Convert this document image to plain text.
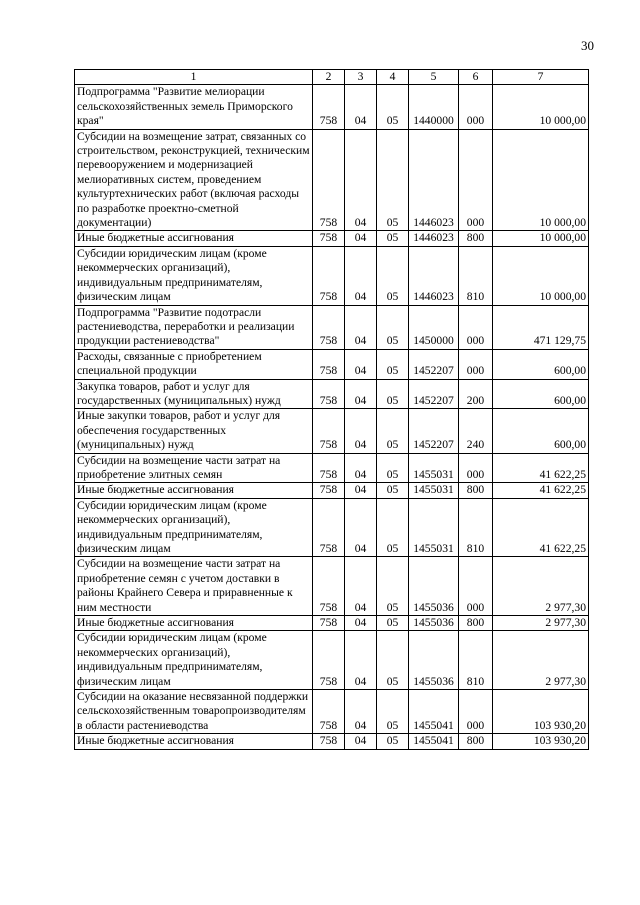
30
1	2	3	4	5	6	7
Подпрограмма "Развитие мелиорации сельскохозяйственных земель Приморского края"	758	04	05	1440000	000	10 000,00
Субсидии на возмещение затрат, связанных со строительством, реконструкцией, техническим перевооружением и модернизацией мелиоративных систем, проведением культуртехнических работ (включая расходы по разработке проектно-сметной документации)	758	04	05	1446023	000	10 000,00
Иные бюджетные ассигнования	758	04	05	1446023	800	10 000,00
Субсидии юридическим лицам (кроме некоммерческих организаций), индивидуальным предпринимателям, физическим лицам	758	04	05	1446023	810	10 000,00
Подпрограмма "Развитие подотрасли растениеводства, переработки и реализации продукции растениеводства"	758	04	05	1450000	000	471 129,75
Расходы, связанные с приобретением специальной продукции	758	04	05	1452207	000	600,00
Закупка товаров, работ и услуг для государственных (муниципальных) нужд	758	04	05	1452207	200	600,00
Иные закупки товаров, работ и услуг для обеспечения государственных (муниципальных) нужд	758	04	05	1452207	240	600,00
Субсидии на возмещение части затрат на приобретение элитных семян	758	04	05	1455031	000	41 622,25
Иные бюджетные ассигнования	758	04	05	1455031	800	41 622,25
Субсидии юридическим лицам (кроме некоммерческих организаций), индивидуальным предпринимателям, физическим лицам	758	04	05	1455031	810	41 622,25
Субсидии на возмещение части затрат на приобретение семян с учетом доставки в районы Крайнего Севера и приравненные к ним местности	758	04	05	1455036	000	2 977,30
Иные бюджетные ассигнования	758	04	05	1455036	800	2 977,30
Субсидии юридическим лицам (кроме некоммерческих организаций), индивидуальным предпринимателям, физическим лицам	758	04	05	1455036	810	2 977,30
Субсидии на оказание несвязанной поддержки сельскохозяйственным товаропроизводителям в области растениеводства	758	04	05	1455041	000	103 930,20
Иные бюджетные ассигнования	758	04	05	1455041	800	103 930,20
